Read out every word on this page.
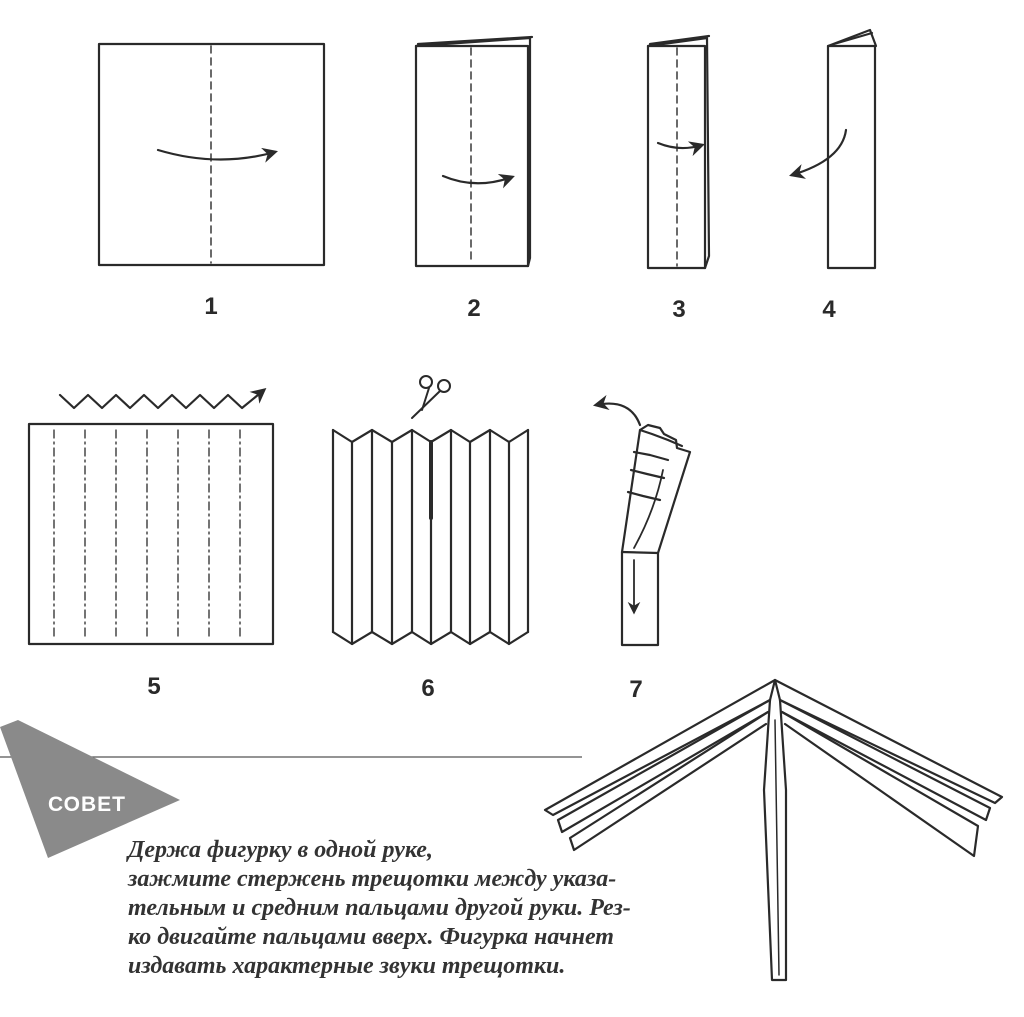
1	2	3	4
5	6	7
СОВЕТ

Держа фигурку в одной руке,
зажмите стержень трещотки между указа-
тельным и средним пальцами другой руки. Рез-
ко двигайте пальцами вверх. Фигурка начнет
издавать характерные звуки трещотки.
